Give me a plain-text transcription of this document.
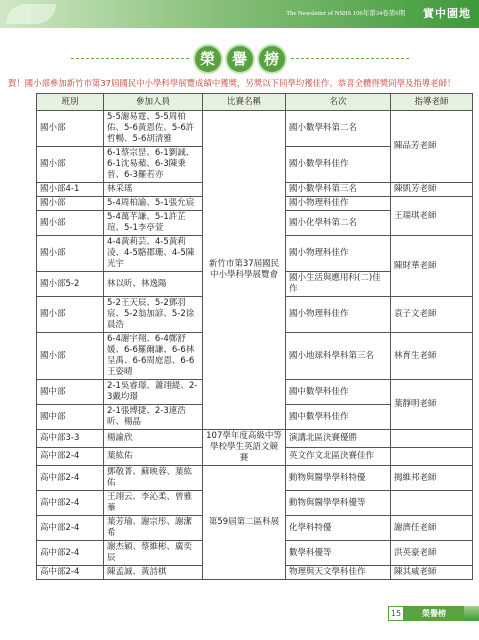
The Newsletter of NSHS 106年第34卷第6期 實中園地
榮	譽	榜
賀！國小部參加新竹市第37屆國民中小學科學展覽成績中獲獎，另獎以下同學均獲佳作。恭喜全體得獎同學及指導老師！
班別	參加人員	比賽名稱	名次	指導老師
國小部	5-5謝易霆、5-5周柏佑、5-6黃恩佐、5-6許哲暢、5-6胡清雅	新竹市第37屆國民中小學科學展覽會	國小數學科第二名	陳品芳老師
國小部	6-1蔡宗昰、6-1劉誠、6-1沈易蘋、6-3陳秉晉、6-3羅若亦		國小數學科佳作	
國小部4-1	林采瑤		國小數學科第三名	陳凱芳老師
國小部	5-4周柏諭、5-1張允宸		國小物理科佳作	王瑞琪老師
國小部	5-4萬芊謙、5-1許芷瑄、5-1李亭萱		國小化學科第二名	
國小部	4-4黃莉芸、4-5黃莉凌、4-5駱郡珊、4-5陳光宇		國小物理科佳作	陳財華老師
國小部5-2	林以昕、林逸陽		國小生活與應用科(二)佳作	
國小部	5-2王天辰、5-2鄧羽宸、5-2翁加諺、5-2徐晨浩		國小物理科佳作	袁子文老師
國小部	6-4謝宇翔、6-4鄭舒媛、6-6羅爾謙、6-6林呈禹、6-6周庭恩、6-6王姿晴		國小地球科學科第三名	林育生老師
國中部	2-1吳睿璟、蕭翊緹、2-3戴均璟		國中數學科佳作	葉靜明老師
國中部	2-1張博捷、2-3連浩昕、楊晶		國中數學科佳作	
高中部3-3	楊諭欣	107學年度高級中等學校學生英語文競賽	演講北區決賽優勝	
高中部2-4	葉紘佑		英文作文北區決賽佳作	
高中部2-4	鄧敬菁、蘇映蓉、葉紘佑	第59屆第二區科展	動物與醫學學科特優	揭維邦老師
高中部2-4	王翊云、李沁柔、曾雅蓁		動物與醫學學科優等	
高中部2-4	葉芳瑜、謝宗彤、謝潔希		化學科特優	謝濟任老師
高中部2-4	謝杰穎、蔡維彬、廣奕辰		數學科優等	洪英豪老師
高中部2-4	陳孟誠、黃詩棋		物理與天文學科佳作	陳其威老師
15	榮譽榜
